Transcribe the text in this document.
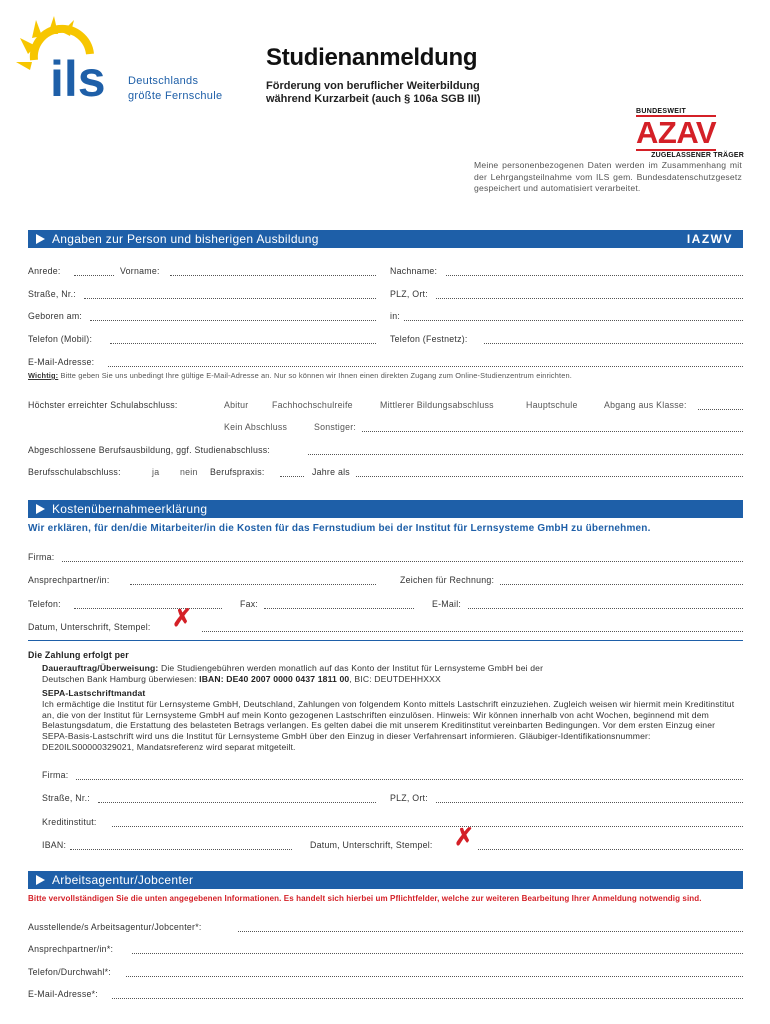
ils Deutschlands
größte Fernschule
Studienanmeldung
Förderung von beruflicher Weiterbildung
während Kurzarbeit (auch § 106a SGB III)
BUNDESWEIT
AZAV
ZUGELASSENER TRÄGER
Meine personenbezogenen Daten werden im Zusammenhang mit der Lehrgangsteilnahme vom ILS gem. Bundesdatenschutzgesetz gespeichert und automatisiert verarbeitet.
Angaben zur Person und bisherigen Ausbildung	IAZWV
Anrede:	Vorname:	Nachname:
Straße, Nr.:	PLZ, Ort:
Geboren am:	in:
Telefon (Mobil):	Telefon (Festnetz):
E-Mail-Adresse:
Wichtig: Bitte geben Sie uns unbedingt Ihre gültige E-Mail-Adresse an. Nur so können wir Ihnen einen direkten Zugang zum Online-Studienzentrum einrichten.
Höchster erreichter Schulabschluss:	Abitur	Fachhochschulreife	Mittlerer Bildungsabschluss	Hauptschule	Abgang aus Klasse:
Kein Abschluss	Sonstiger:
Abgeschlossene Berufsausbildung, ggf. Studienabschluss:
Berufsschulabschluss:	ja nein Berufspraxis:	Jahre als
Kostenübernahmeerklärung
Wir erklären, für den/die Mitarbeiter/in die Kosten für das Fernstudium bei der Institut für Lernsysteme GmbH zu übernehmen.
Firma:
Ansprechpartner/in:	Zeichen für Rechnung:
Telefon:	Fax:	E-Mail:
Datum, Unterschrift, Stempel: ✗
Die Zahlung erfolgt per
Dauerauftrag/Überweisung: Die Studiengebühren werden monatlich auf das Konto der Institut für Lernsysteme GmbH bei der
Deutschen Bank Hamburg überwiesen: IBAN: DE40 2007 0000 0437 1811 00, BIC: DEUTDEHHXXX
SEPA-Lastschriftmandat
Ich ermächtige die Institut für Lernsysteme GmbH, Deutschland, Zahlungen von folgendem Konto mittels Lastschrift einzuziehen. Zugleich weisen wir hiermit mein Kreditinstitut an, die von der Institut für Lernsysteme GmbH auf mein Konto gezogenen Lastschriften einzulösen. Hinweis: Wir können innerhalb von acht Wochen, beginnend mit dem Belastungsdatum, die Erstattung des belasteten Betrags verlangen. Es gelten dabei die mit unserem Kreditinstitut vereinbarten Bedingungen. Vor dem ersten Einzug einer SEPA-Basis-Lastschrift wird uns die Institut für Lernsysteme GmbH über den Einzug in dieser Verfahrensart informieren. Gläubiger-Identifikationsnummer: DE20ILS00000329021, Mandatsreferenz wird separat mitgeteilt.
Firma:
Straße, Nr.:	PLZ, Ort:
Kreditinstitut:
IBAN:	Datum, Unterschrift, Stempel: ✗
Arbeitsagentur/Jobcenter
Bitte vervollständigen Sie die unten angegebenen Informationen. Es handelt sich hierbei um Pflichtfelder, welche zur weiteren Bearbeitung Ihrer Anmeldung notwendig sind.
Ausstellende/s Arbeitsagentur/Jobcenter*:
Ansprechpartner/in*:
Telefon/Durchwahl*:
E-Mail-Adresse*:
